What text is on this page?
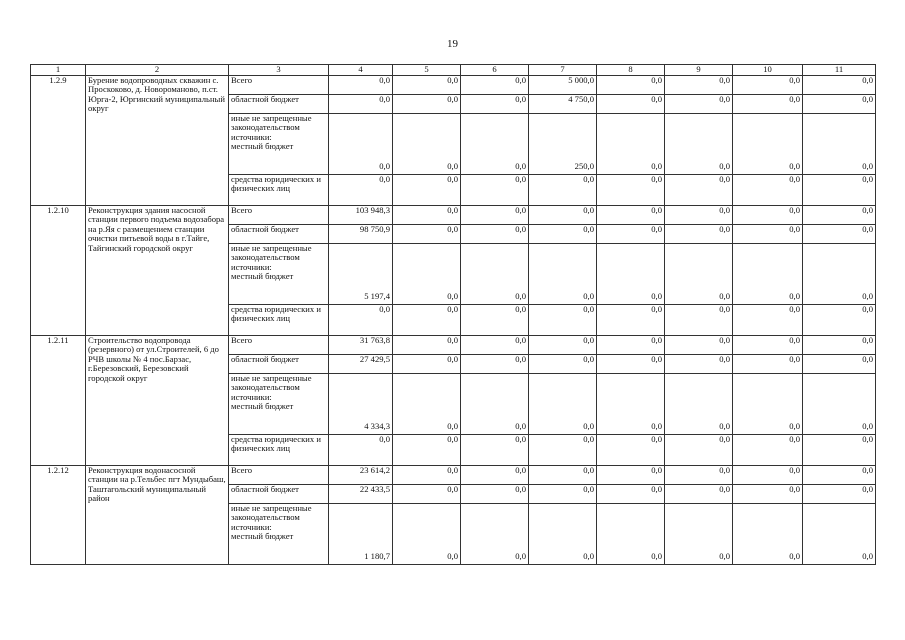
19
1	2	3	4	5	6	7	8	9	10	11
1.2.9	Бурение водопроводных скважин с. Проскоково, д. Новороманово, п.ст. Юрга-2, Юргинский муниципальный округ	Всего	0,0	0,0	0,0	5 000,0	0,0	0,0	0,0	0,0
		областной бюджет	0,0	0,0	0,0	4 750,0	0,0	0,0	0,0	0,0

		иные не запрещенные законодательством источники:
местный бюджет	0,0	0,0	0,0	250,0	0,0	0,0	0,0	0,0
		средства юридических и физических лиц	0,0	0,0	0,0	0,0	0,0	0,0	0,0	0,0
1.2.10	Реконструкция здания насосной станции первого подъема водозабора на р.Яя с размещением станции очистки питьевой воды в г.Тайге, Тайгинский городской округ	Всего	103 948,3	0,0	0,0	0,0	0,0	0,0	0,0	0,0
		областной бюджет	98 750,9	0,0	0,0	0,0	0,0	0,0	0,0	0,0

		иные не запрещенные законодательством источники:
местный бюджет	5 197,4	0,0	0,0	0,0	0,0	0,0	0,0	0,0
		средства юридических и физических лиц	0,0	0,0	0,0	0,0	0,0	0,0	0,0	0,0
1.2.11	Строительство водопровода (резервного) от ул.Строителей, 6 до РЧВ школы № 4 пос.Барзас, г.Березовский, Березовский городской округ	Всего	31 763,8	0,0	0,0	0,0	0,0	0,0	0,0	0,0
		областной бюджет	27 429,5	0,0	0,0	0,0	0,0	0,0	0,0	0,0

		иные не запрещенные законодательством источники:
местный бюджет	4 334,3	0,0	0,0	0,0	0,0	0,0	0,0	0,0
		средства юридических и физических лиц	0,0	0,0	0,0	0,0	0,0	0,0	0,0	0,0
1.2.12	Реконструкция водонасосной станции на р.Тельбес пгт Мундыбаш, Таштагольский муниципальный район	Всего	23 614,2	0,0	0,0	0,0	0,0	0,0	0,0	0,0
		областной бюджет	22 433,5	0,0	0,0	0,0	0,0	0,0	0,0	0,0

		иные не запрещенные законодательством источники:
местный бюджет	1 180,7	0,0	0,0	0,0	0,0	0,0	0,0	0,0
